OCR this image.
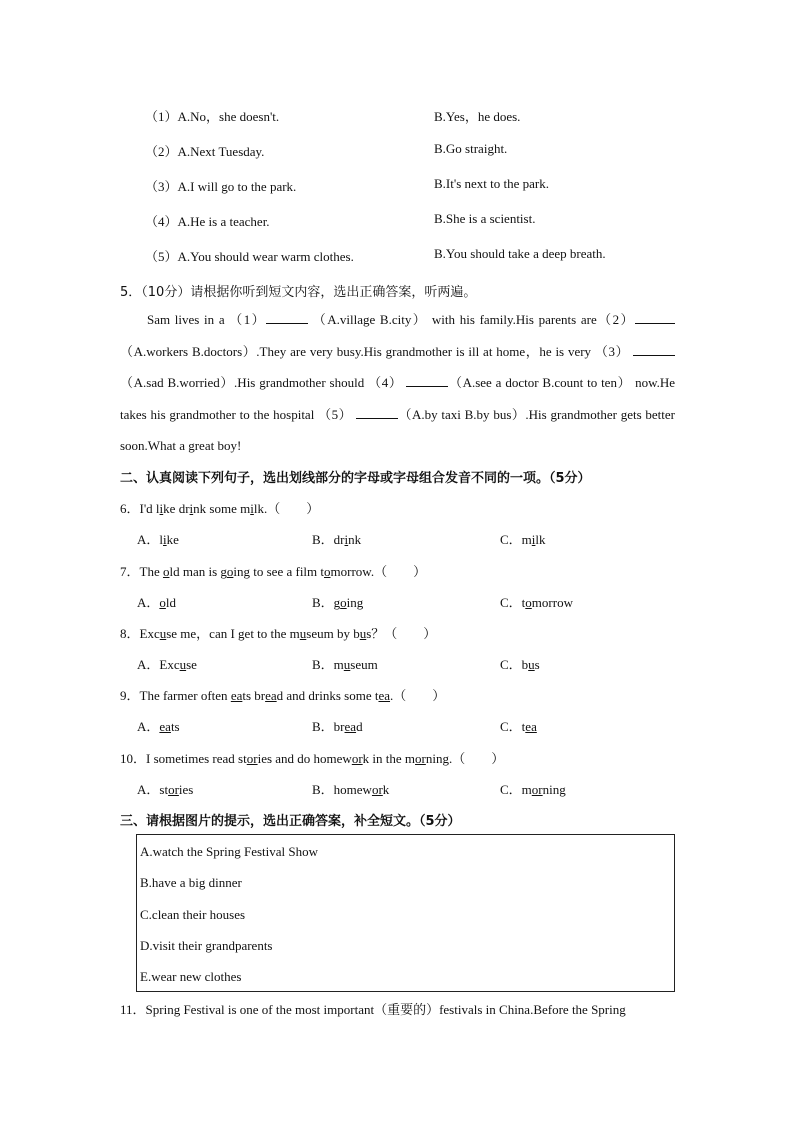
（1）A.No，she doesn't.	B.Yes，he does.
（2）A.Next Tuesday.	B.Go straight.
（3）A.I will go to the park.	B.It's next to the park.
（4）A.He is a teacher.	B.She is a scientist.
（5）A.You should wear warm clothes.	B.You should take a deep breath.
5．（10分）请根据你听到短文内容，选出正确答案，听两遍。
Sam lives in a （1）	（A.village B.city） with his family.His parents are（2） （A.workers B.doctors）.They are very busy.His grandmother is ill at home，he is very （3） （A.sad B.worried）.His grandmother should （4）	（A.see a doctor B.count to ten） now.He takes his grandmother to the hospital （5）	（A.by taxi B.by bus）.His grandmother gets better soon.What a great boy!
二、认真阅读下列句子，选出划线部分的字母或字母组合发音不同的一项。（5分）
6．I'd like drink some milk.（　　）
A．like	B．drink	C．milk
7．The old man is going to see a film tomorrow.（　　）
A．old	B．going	C．tomorrow
8．Excuse me，can I get to the museum by bus？（　　）
A．Excuse	B．museum	C．bus
9．The farmer often eats bread and drinks some tea.（　　）
A．eats	B．bread	C．tea
10．I sometimes read stories and do homework in the morning.（　　）
A．stories	B．homework	C．morning
三、请根据图片的提示，选出正确答案，补全短文。（5分）
A.watch the Spring Festival Show
B.have a big dinner
C.clean their houses
D.visit their grandparents
E.wear new clothes
11．Spring Festival is one of the most important（重要的）festivals in China.Before the Spring
